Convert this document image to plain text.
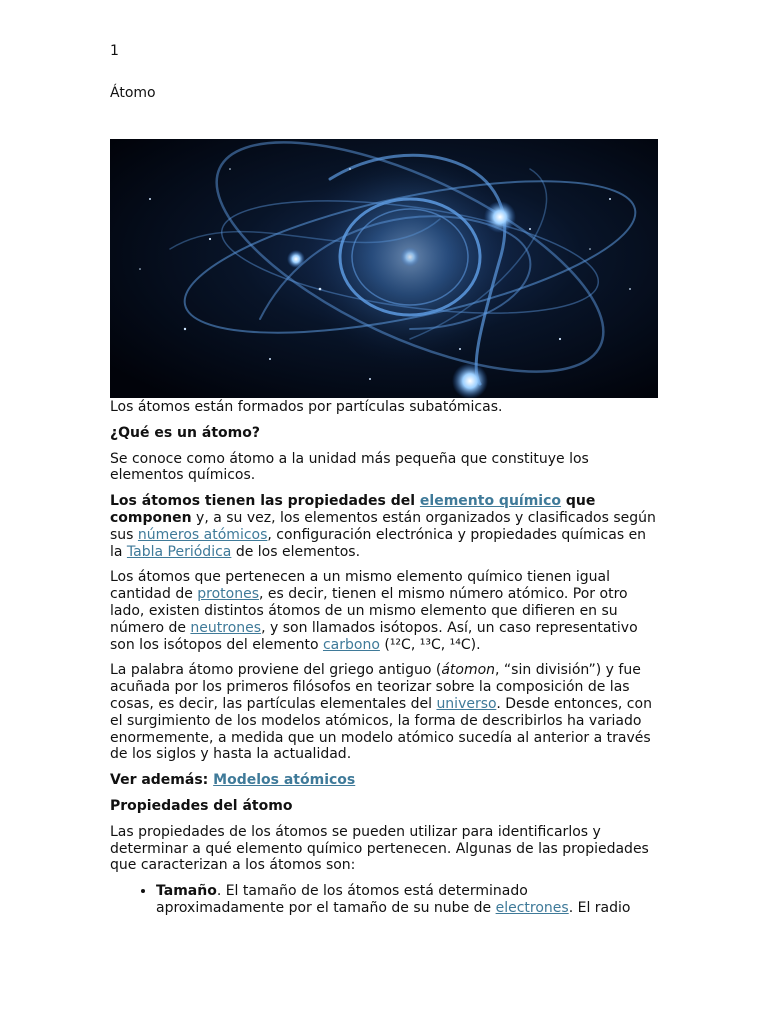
1
Átomo

Los átomos están formados por partículas subatómicas.

¿Qué es un átomo?

Se conoce como átomo a la unidad más pequeña que constituye los elementos químicos.

Los átomos tienen las propiedades del elemento químico que componen y, a su vez, los elementos están organizados y clasificados según sus números atómicos, configuración electrónica y propiedades químicas en la Tabla Periódica de los elementos.

Los átomos que pertenecen a un mismo elemento químico tienen igual cantidad de protones, es decir, tienen el mismo número atómico. Por otro lado, existen distintos átomos de un mismo elemento que difieren en su número de neutrones, y son llamados isótopos. Así, un caso representativo son los isótopos del elemento carbono (¹²C, ¹³C, ¹⁴C).

La palabra átomo proviene del griego antiguo (átomon, “sin división”) y fue acuñada por los primeros filósofos en teorizar sobre la composición de las cosas, es decir, las partículas elementales del universo. Desde entonces, con el surgimiento de los modelos atómicos, la forma de describirlos ha variado enormemente, a medida que un modelo atómico sucedía al anterior a través de los siglos y hasta la actualidad.

Ver además: Modelos atómicos

Propiedades del átomo

Las propiedades de los átomos se pueden utilizar para identificarlos y determinar a qué elemento químico pertenecen. Algunas de las propiedades que caracterizan a los átomos son:

• Tamaño. El tamaño de los átomos está determinado aproximadamente por el tamaño de su nube de electrones. El radio
